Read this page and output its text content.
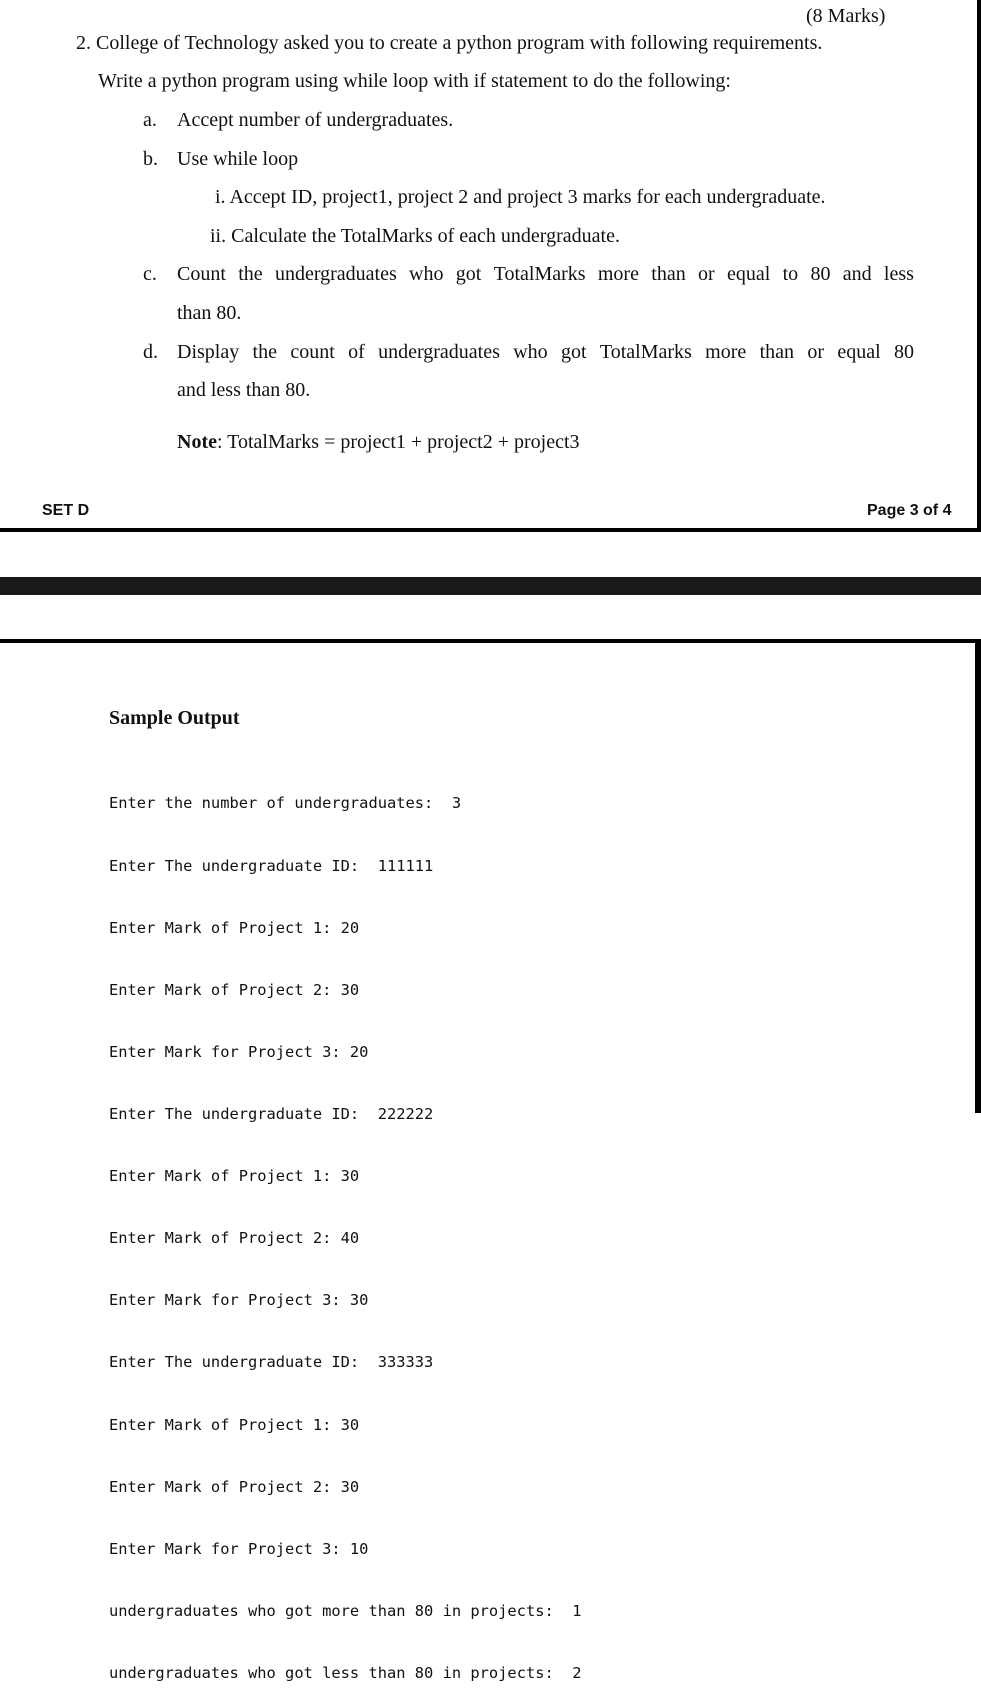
(8 Marks)
2. College of Technology asked you to create a python program with following requirements.
Write a python program using while loop with if statement to do the following:
a. Accept number of undergraduates.
b. Use while loop
i. Accept ID, project1, project 2 and project 3 marks for each undergraduate.
ii. Calculate the TotalMarks of each undergraduate.
c. Count the undergraduates who got TotalMarks more than or equal to 80 and less
than 80.
d. Display the count of undergraduates who got TotalMarks more than or equal 80
and less than 80.
Note: TotalMarks = project1 + project2 + project3
SET D	Page 3 of 4
Sample Output

Enter the number of undergraduates:  3

Enter The undergraduate ID:  111111

Enter Mark of Project 1: 20

Enter Mark of Project 2: 30

Enter Mark for Project 3: 20

Enter The undergraduate ID:  222222

Enter Mark of Project 1: 30

Enter Mark of Project 2: 40

Enter Mark for Project 3: 30

Enter The undergraduate ID:  333333

Enter Mark of Project 1: 30

Enter Mark of Project 2: 30

Enter Mark for Project 3: 10

undergraduates who got more than 80 in projects:  1

undergraduates who got less than 80 in projects:  2
